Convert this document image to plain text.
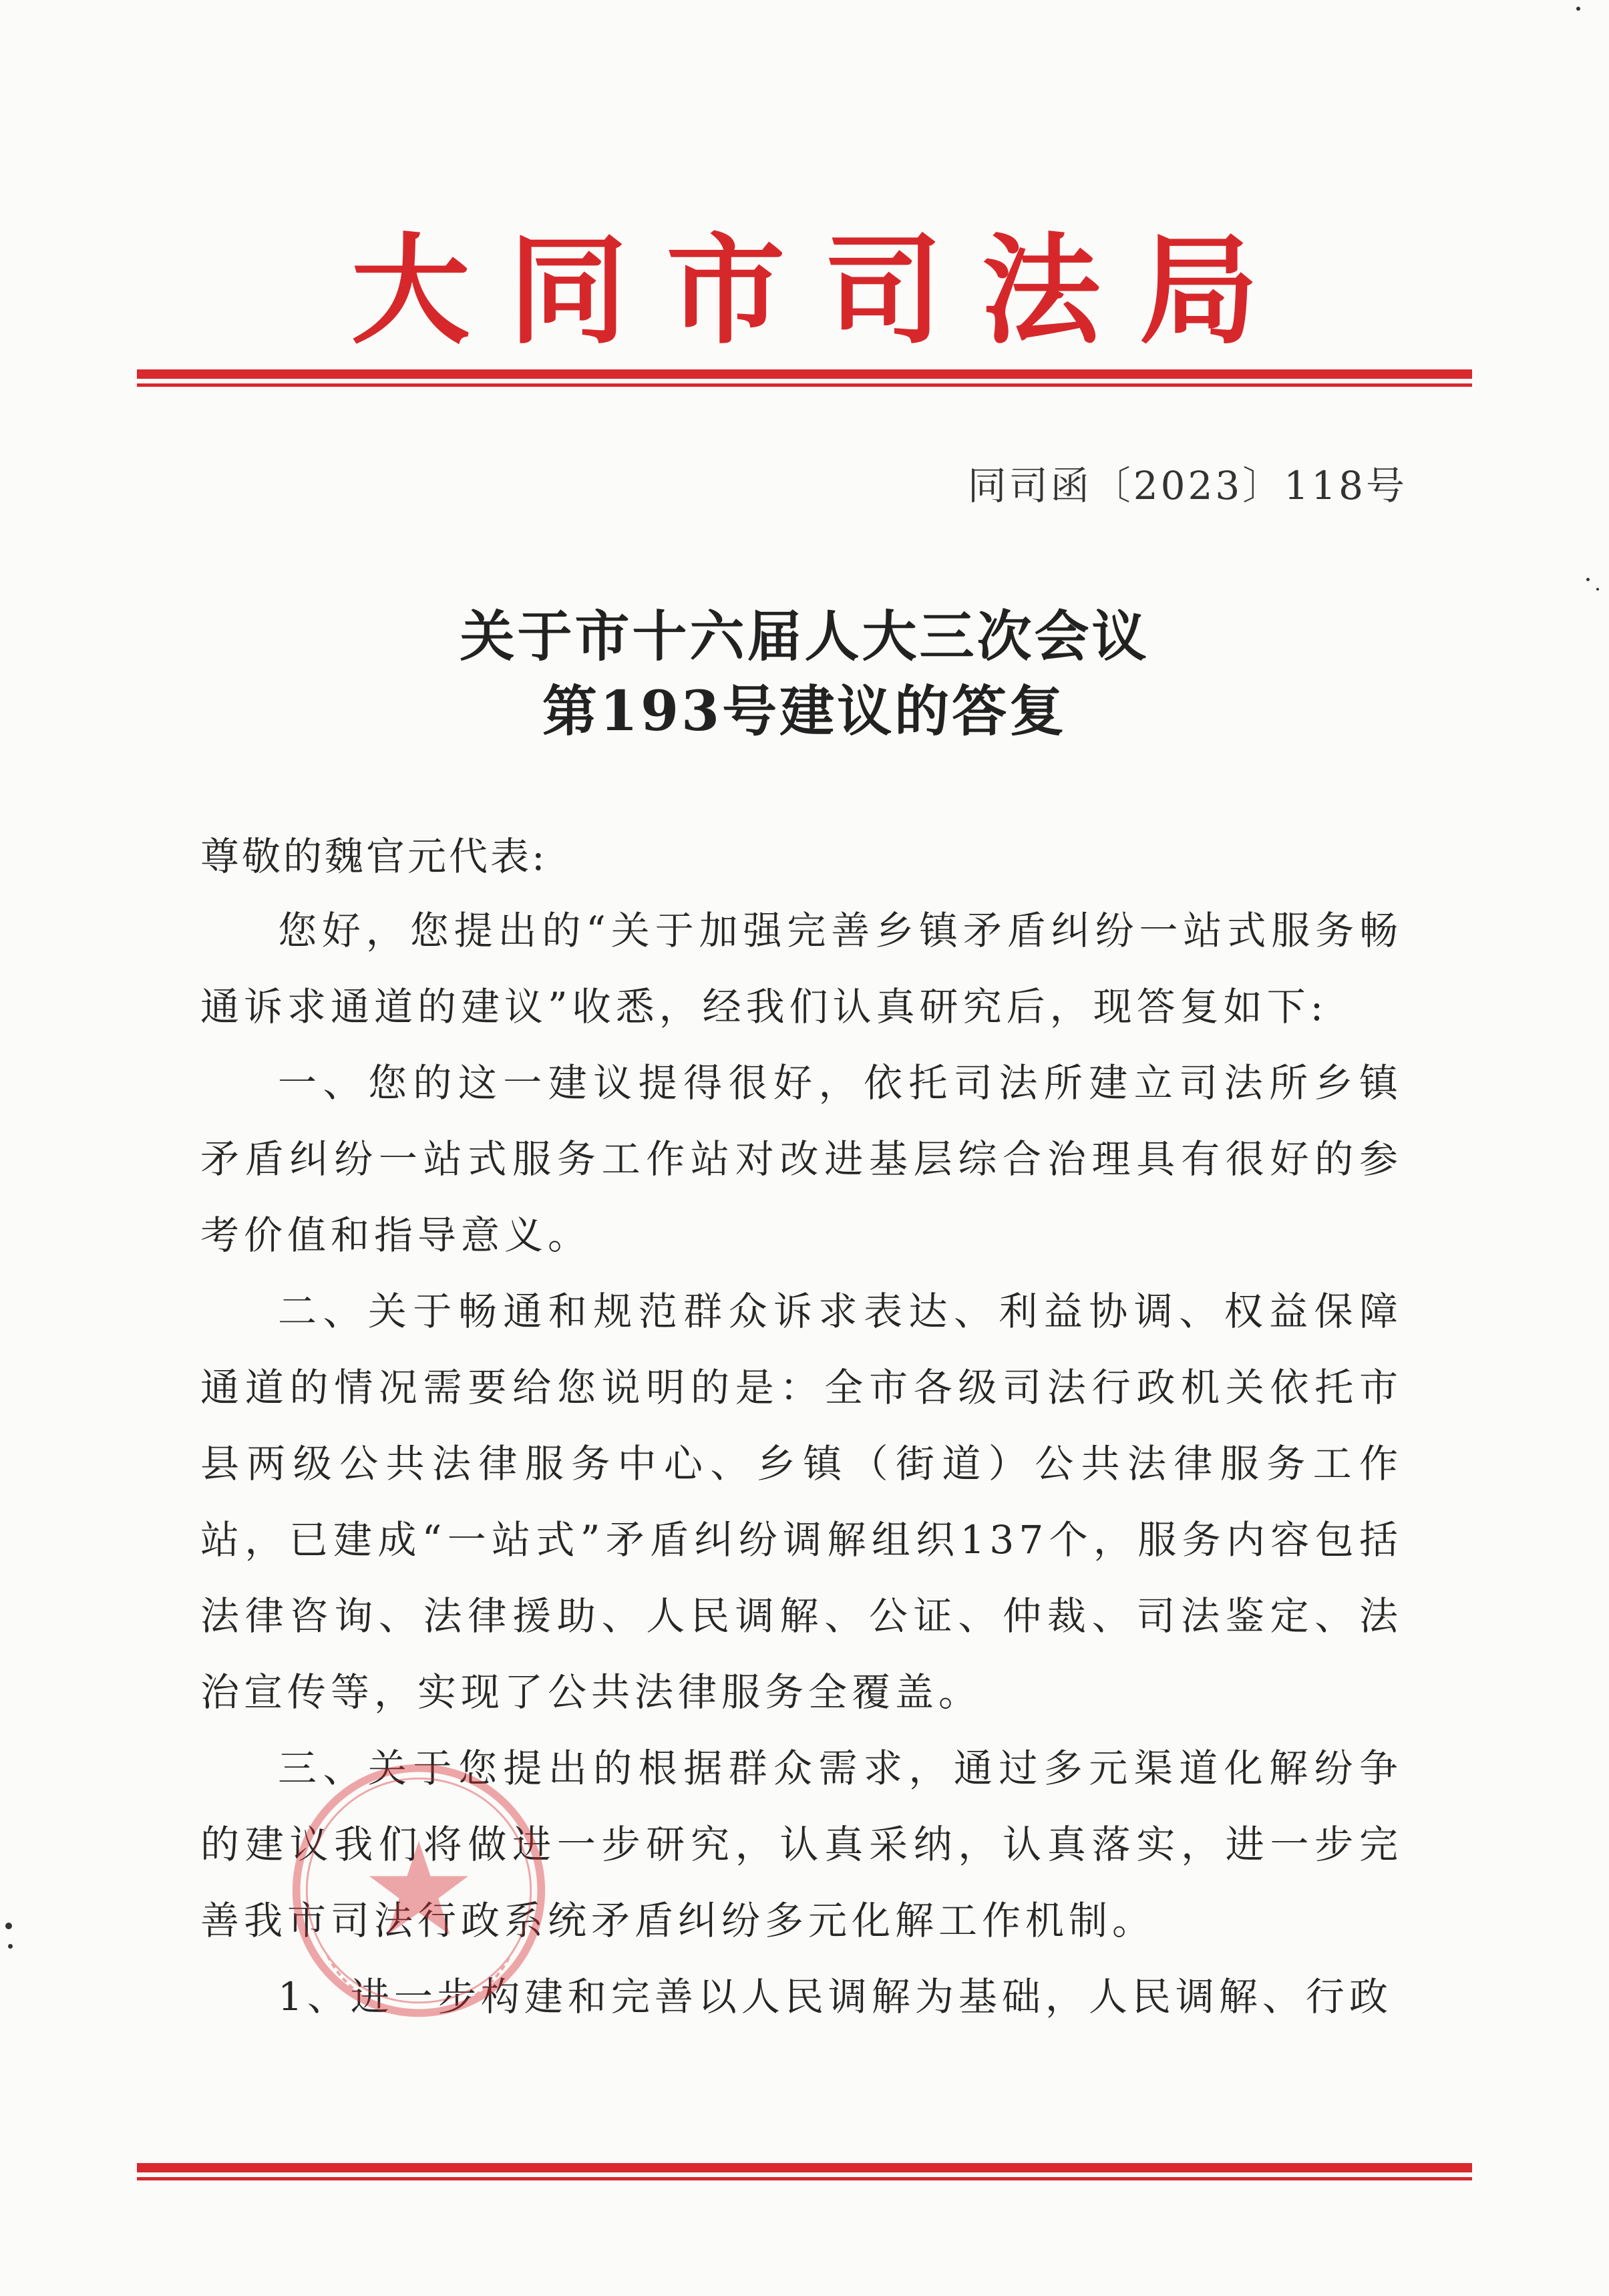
大同市司法局
同司函〔2023〕118号
关于市十六届人大三次会议
第193号建议的答复
尊敬的魏官元代表:

您好，您提出的“关于加强完善乡镇矛盾纠纷一站式服务畅通诉求通道的建议”收悉，经我们认真研究后，现答复如下:

一、您的这一建议提得很好，依托司法所建立司法所乡镇矛盾纠纷一站式服务工作站对改进基层综合治理具有很好的参考价值和指导意义。

二、关于畅通和规范群众诉求表达、利益协调、权益保障通道的情况需要给您说明的是：全市各级司法行政机关依托市县两级公共法律服务中心、乡镇（街道）公共法律服务工作站，已建成“一站式”矛盾纠纷调解组织137个，服务内容包括法律咨询、法律援助、人民调解、公证、仲裁、司法鉴定、法治宣传等，实现了公共法律服务全覆盖。

三、关于您提出的根据群众需求，通过多元渠道化解纷争的建议我们将做进一步研究，认真采纳，认真落实，进一步完善我市司法行政系统矛盾纠纷多元化解工作机制。

1、进一步构建和完善以人民调解为基础，人民调解、行政
